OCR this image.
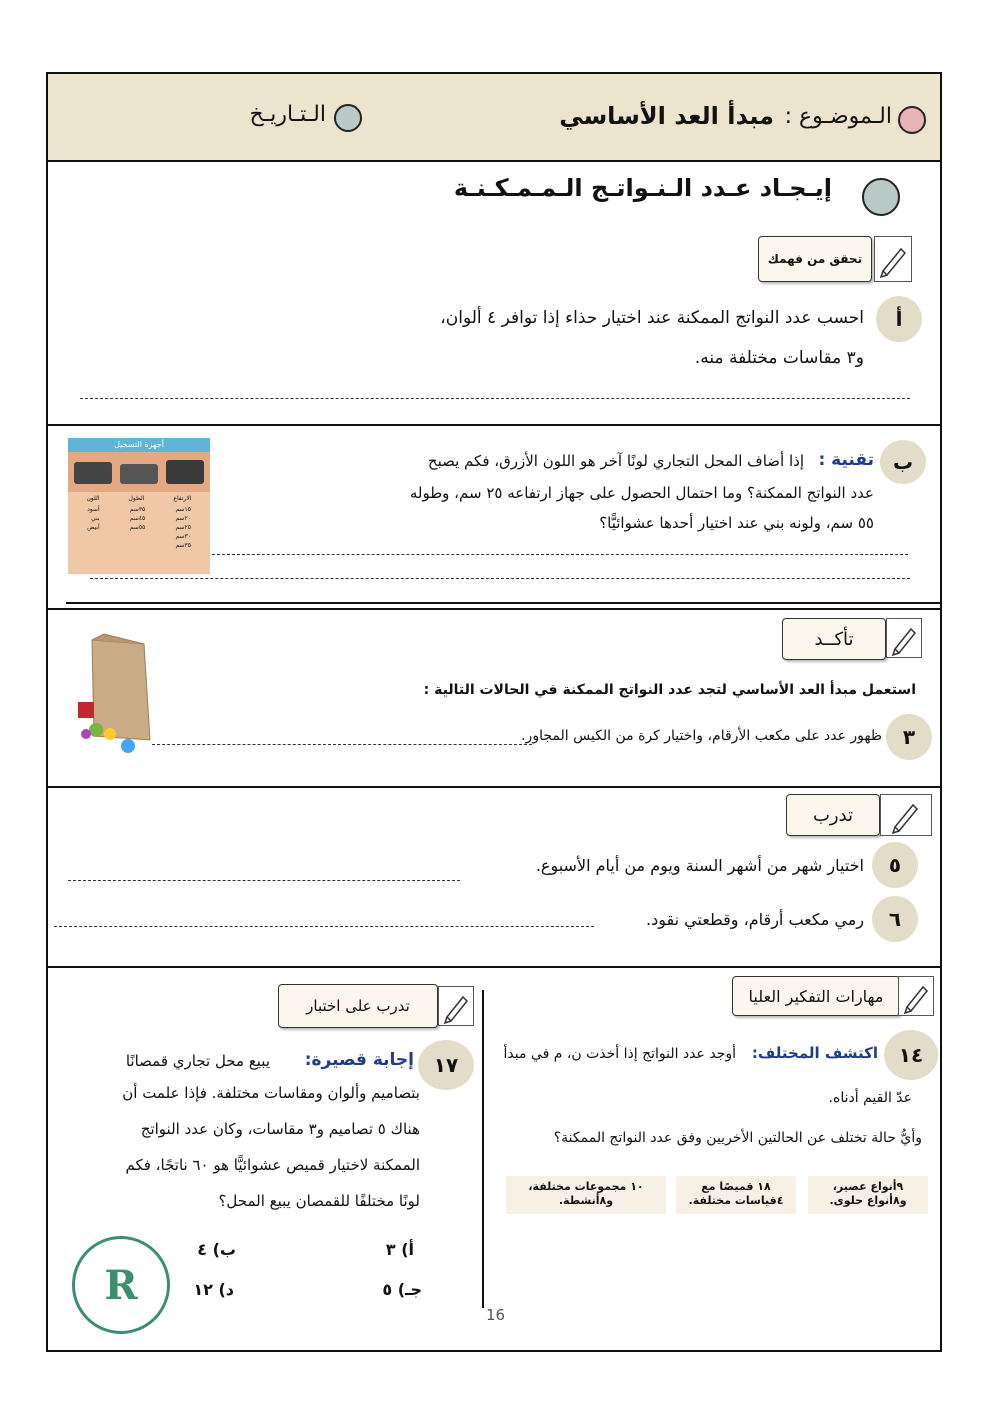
الـموضـوع :
مبدأ العد الأساسي
الـتـاريـخ
إيـجـاد عـدد الـنـواتـج الـمـمـكـنـة
تحقق من فهمك
أ
احسب عدد النواتج الممكنة عند اختيار حذاء إذا توافر ٤ ألوان،
و٣ مقاسات مختلفة منه.
ب
تقنية :
إذا أضاف المحل التجاري لونًا آخر هو اللون الأزرق، فكم يصبح
عدد النواتج الممكنة؟ وما احتمال الحصول على جهاز ارتفاعه ٢٥ سم، وطوله
٥٥ سم، ولونه بني عند اختيار أحدها عشوائيًّا؟
أجهزة التسجيل
الارتفاع
الطول
اللون
١٥سم
٢٠سم
٢٥سم
٣٠سم
٣٥سم
٣٥سم
٤٥سم
٥٥سم
أسود
بني
أبيض
تأكــد
استعمل مبدأ العد الأساسي لتجد عدد النواتج الممكنة في الحالات التالية :
٣
ظهور عدد على مكعب الأرقام، واختيار كرة من الكيس المجاور.
تدرب
٥
اختيار شهر من أشهر السنة ويوم من أيام الأسبوع.
٦
رمي مكعب أرقام، وقطعتي نقود.
مهارات التفكير العليا
١٤
اكتشف المختلف:
أوجد عدد النواتج إذا أخذت ن، م في مبدأ
عدّ القيم أدناه.
وأيُّ حالة تختلف عن الحالتين الأخريين وفق عدد النواتج الممكنة؟
٩أنواع عصير،
و٨أنواع حلوى.
١٨ قميصًا مع
٤قياسات مختلفة.
١٠ مجموعات مختلفة،
و٨أنشطة.
تدرب على اختبار
١٧
إجابة قصيرة:
يبيع محل تجاري قمصانًا
بتصاميم وألوان ومقاسات مختلفة. فإذا علمت أن
هناك ٥ تصاميم و٣ مقاسات، وكان عدد النواتج
الممكنة لاختيار قميص عشوائيًّا هو ٦٠ ناتجًا، فكم
لونًا مختلفًا للقمصان يبيع المحل؟
أ) ٣
ب) ٤
جـ) ٥
د) ١٢
R
16
